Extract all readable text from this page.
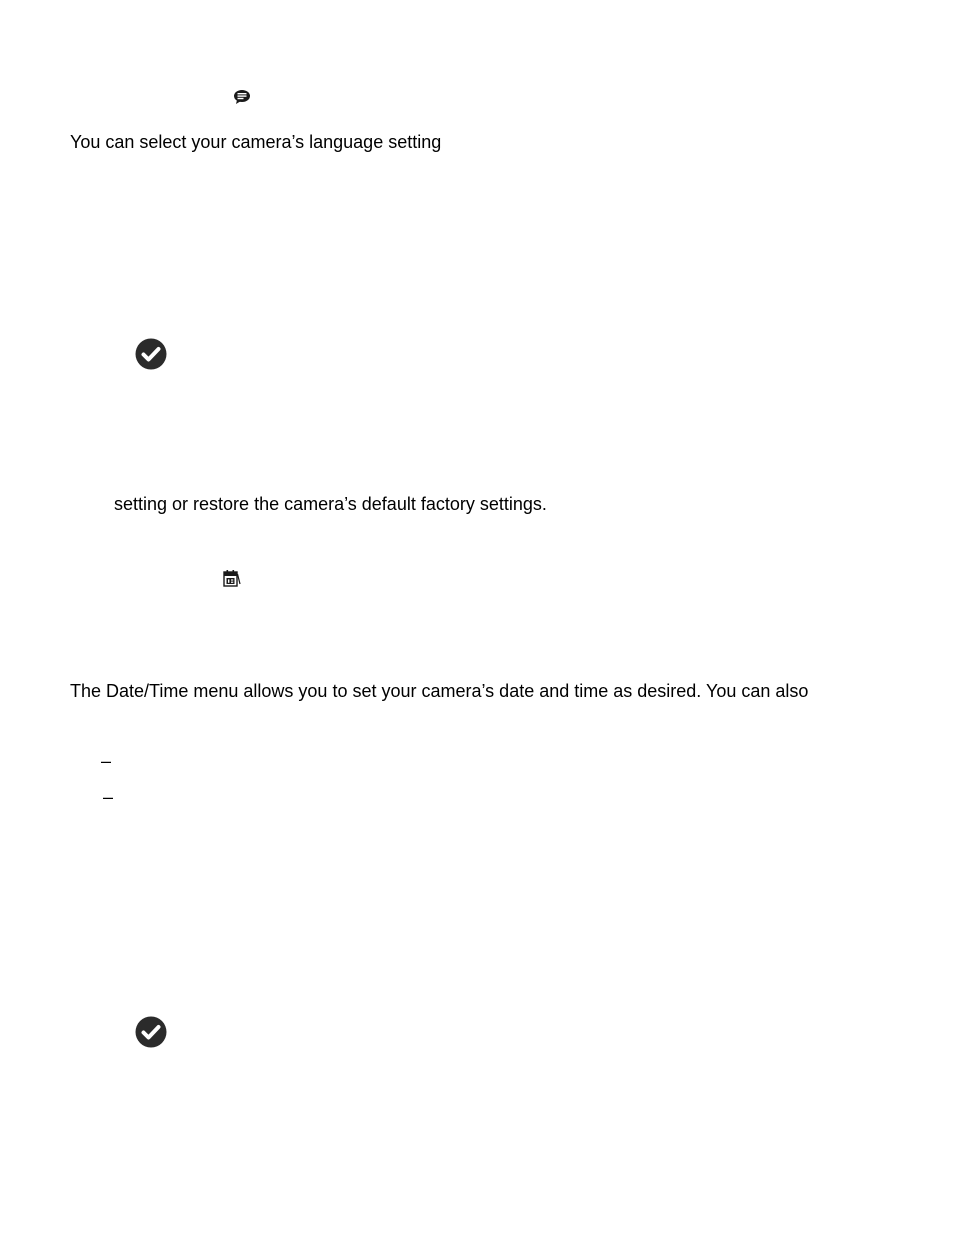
You can select your camera’s language setting
setting or restore the camera’s default factory settings.
The Date/Time menu allows you to set your camera’s date and time as desired. You can also
–
–
